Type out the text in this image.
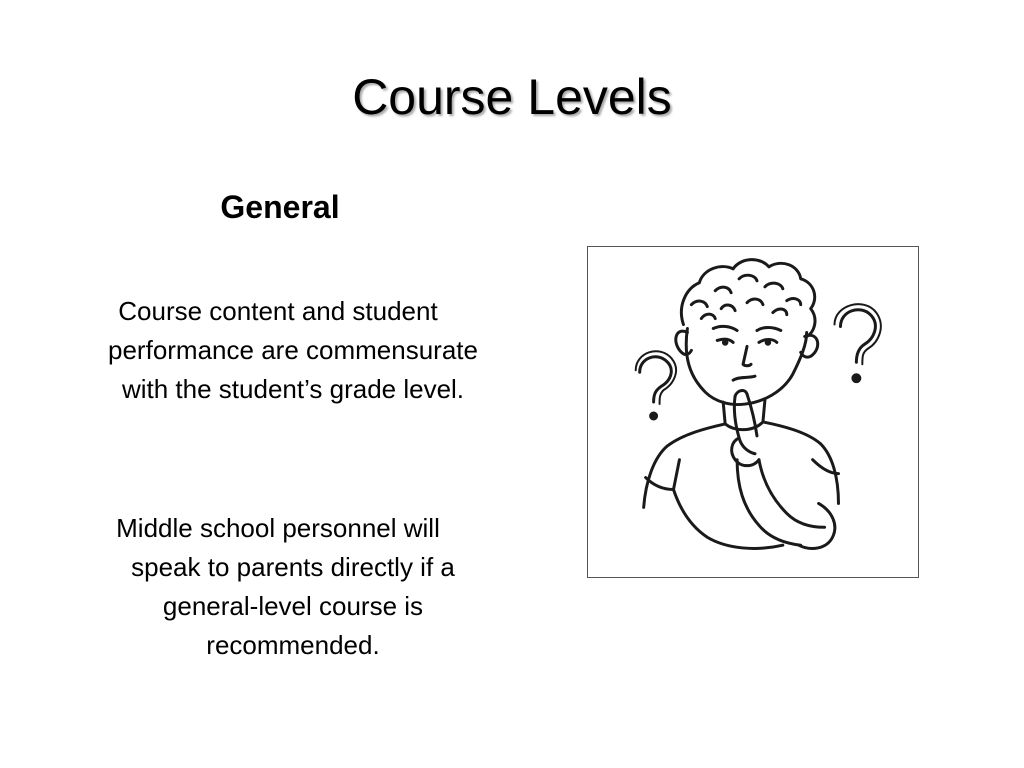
Course Levels
General

Course content and student
performance are commensurate with the student’s grade level.

Middle school personnel will
speak to parents directly if a general-level course is recommended.
